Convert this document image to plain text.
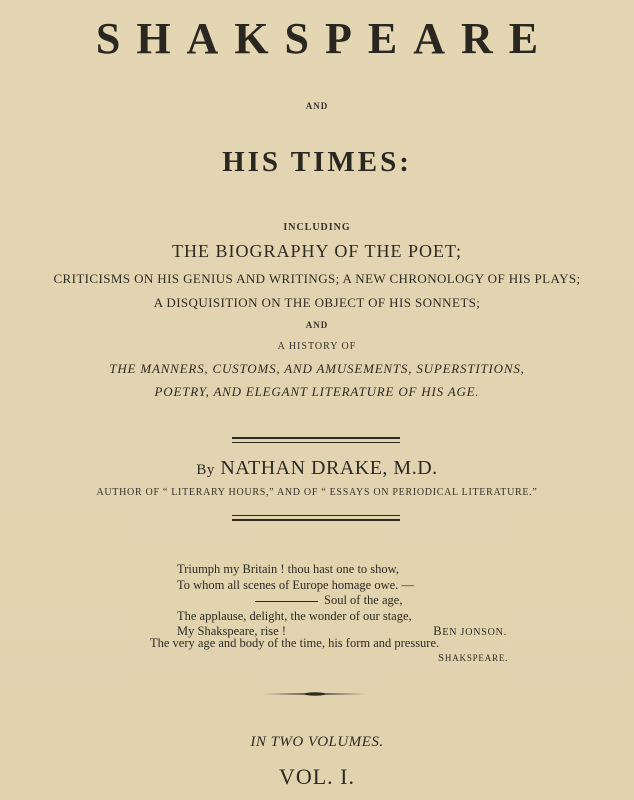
SHAKSPEARE
AND
HIS TIMES:
INCLUDING
THE BIOGRAPHY OF THE POET;
CRITICISMS ON HIS GENIUS AND WRITINGS; A NEW CHRONOLOGY OF HIS PLAYS;
A DISQUISITION ON THE OBJECT OF HIS SONNETS;
AND
A HISTORY OF
THE MANNERS, CUSTOMS, AND AMUSEMENTS, SUPERSTITIONS,
POETRY, AND ELEGANT LITERATURE OF HIS AGE.
By NATHAN DRAKE, M.D.
AUTHOR OF “ LITERARY HOURS,” AND OF “ ESSAYS ON PERIODICAL LITERATURE.”
Triumph my Britain ! thou hast one to show,
To whom all scenes of Europe homage owe. —
Soul of the age,
The applause, delight, the wonder of our stage,
My Shakspeare, rise !	BEN JONSON.
The very age and body of the time, his form and pressure.
SHAKSPEARE.
IN TWO VOLUMES.
VOL. I.
